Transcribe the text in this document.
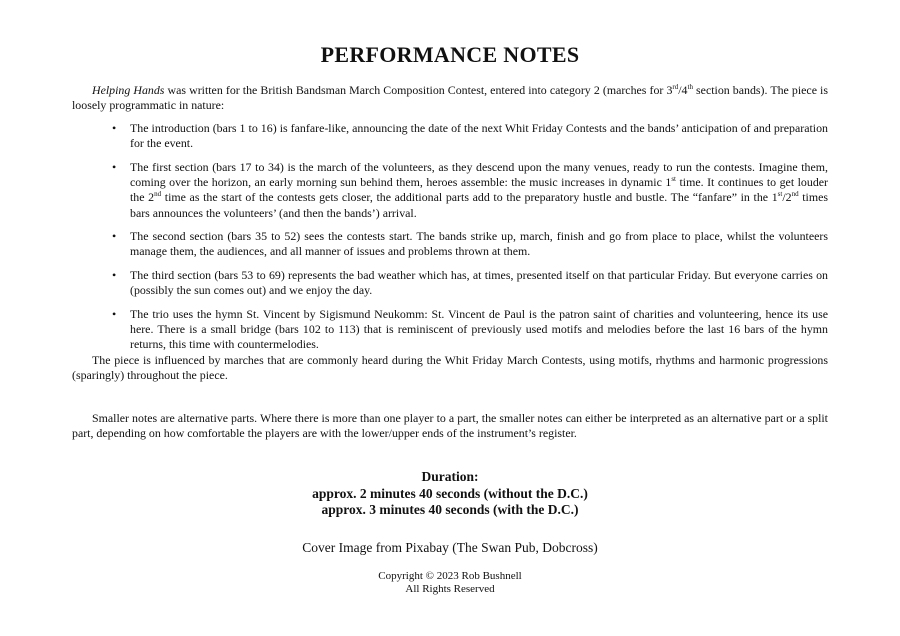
PERFORMANCE NOTES

Helping Hands was written for the British Bandsman March Composition Contest, entered into category 2 (marches for 3rd/4th section bands). The piece is loosely programmatic in nature:

• The introduction (bars 1 to 16) is fanfare-like, announcing the date of the next Whit Friday Contests and the bands’ anticipation of and preparation for the event.
• The first section (bars 17 to 34) is the march of the volunteers, as they descend upon the many venues, ready to run the contests. Imagine them, coming over the horizon, an early morning sun behind them, heroes assemble: the music increases in dynamic 1st time. It continues to get louder the 2nd time as the start of the contests gets closer, the additional parts add to the preparatory hustle and bustle. The “fanfare” in the 1st/2nd times bars announces the volunteers’ (and then the bands’) arrival.
• The second section (bars 35 to 52) sees the contests start. The bands strike up, march, finish and go from place to place, whilst the volunteers manage them, the audiences, and all manner of issues and problems thrown at them.
• The third section (bars 53 to 69) represents the bad weather which has, at times, presented itself on that particular Friday. But everyone carries on (possibly the sun comes out) and we enjoy the day.
• The trio uses the hymn St. Vincent by Sigismund Neukomm: St. Vincent de Paul is the patron saint of charities and volunteering, hence its use here. There is a small bridge (bars 102 to 113) that is reminiscent of previously used motifs and melodies before the last 16 bars of the hymn returns, this time with countermelodies.

The piece is influenced by marches that are commonly heard during the Whit Friday March Contests, using motifs, rhythms and harmonic progressions (sparingly) throughout the piece.

Smaller notes are alternative parts. Where there is more than one player to a part, the smaller notes can either be interpreted as an alternative part or a split part, depending on how comfortable the players are with the lower/upper ends of the instrument’s register.

Duration:
approx. 2 minutes 40 seconds (without the D.C.)
approx. 3 minutes 40 seconds (with the D.C.)
Cover Image from Pixabay (The Swan Pub, Dobcross)
Copyright © 2023 Rob Bushnell
All Rights Reserved
